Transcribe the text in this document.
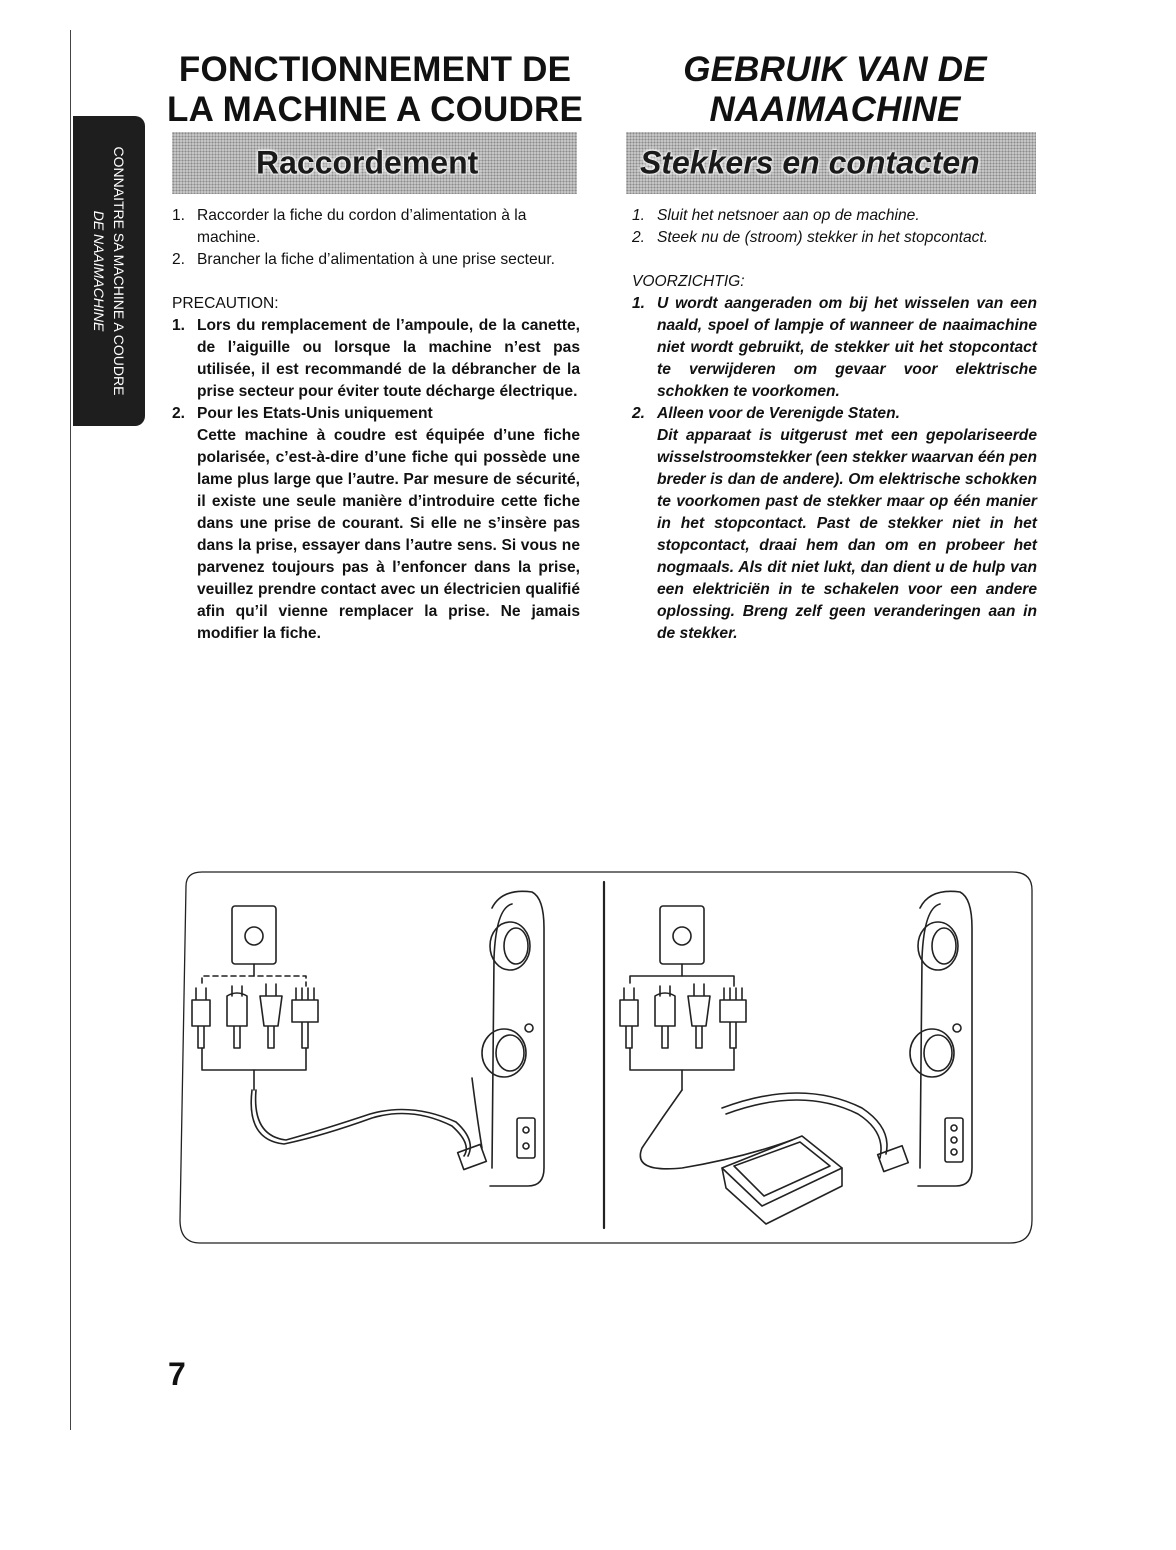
CONNAITRE SA MACHINE A COUDRE
DE NAAIMACHINE
FONCTIONNEMENT DE
LA MACHINE A COUDRE
GEBRUIK VAN DE
NAAIMACHINE
Raccordement	Stekkers en contacten
1. Raccorder la fiche du cordon d’alimentation à la machine.
2. Brancher la fiche d’alimentation à une prise secteur.

PRECAUTION:

1. Lors du remplacement de l’ampoule, de la canette, de l’aiguille ou lorsque la machine n’est pas utilisée, il est recommandé de la débrancher de la prise secteur pour éviter toute décharge électrique.
2. Pour les Etats-Unis uniquement
Cette machine à coudre est équipée d’une fiche polarisée, c’est-à-dire d’une fiche qui possède une lame plus large que l’autre. Par mesure de sécurité, il existe une seule manière d’introduire cette fiche dans une prise de courant. Si elle ne s’insère pas dans la prise, essayer dans l’autre sens. Si vous ne parvenez toujours pas à l’enfoncer dans la prise, veuillez prendre contact avec un électricien qualifié afin qu’il vienne remplacer la prise. Ne jamais modifier la fiche.
1. Sluit het netsnoer aan op de machine.
2. Steek nu de (stroom) stekker in het stopcontact.

VOORZICHTIG:

1. U wordt aangeraden om bij het wisselen van een naald, spoel of lampje of wanneer de naaimachine niet wordt gebruikt, de stekker uit het stopcontact te verwijderen om gevaar voor elektrische schokken te voorkomen.
2. Alleen voor de Verenigde Staten.
Dit apparaat is uitgerust met een gepolariseerde wisselstroomstekker (een stekker waarvan één pen breder is dan de andere). Om elektrische schokken te voorkomen past de stekker maar op één manier in het stopcontact. Past de stekker niet in het stopcontact, draai hem dan om en probeer het nogmaals. Als dit niet lukt, dan dient u de hulp van een elektriciën in te schakelen voor een andere oplossing. Breng zelf geen veranderingen aan in de stekker.

7
